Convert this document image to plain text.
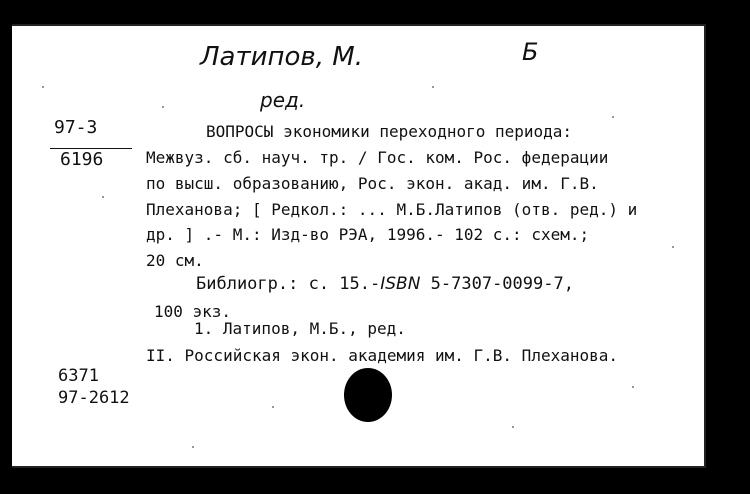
Латипов, М.	Б
ред.
97-3
6196
ВОПРОСЫ экономики переходного периода:
Межвуз. сб. науч. тр. / Гос. ком. Рос. федерации
по высш. образованию, Рос. экон. акад. им. Г.В.
Плеханова; [ Редкол.: ... М.Б.Латипов (отв. ред.) и
др. ] .- М.: Изд-во РЭА, 1996.- 102 с.: схем.;
20 см.
Библиогр.: с. 15.-ISBN 5-7307-0099-7,
100 экз.
1. Латипов, М.Б., ред.
II. Российская экон. академия им. Г.В. Плеханова.
6371
97-2612
